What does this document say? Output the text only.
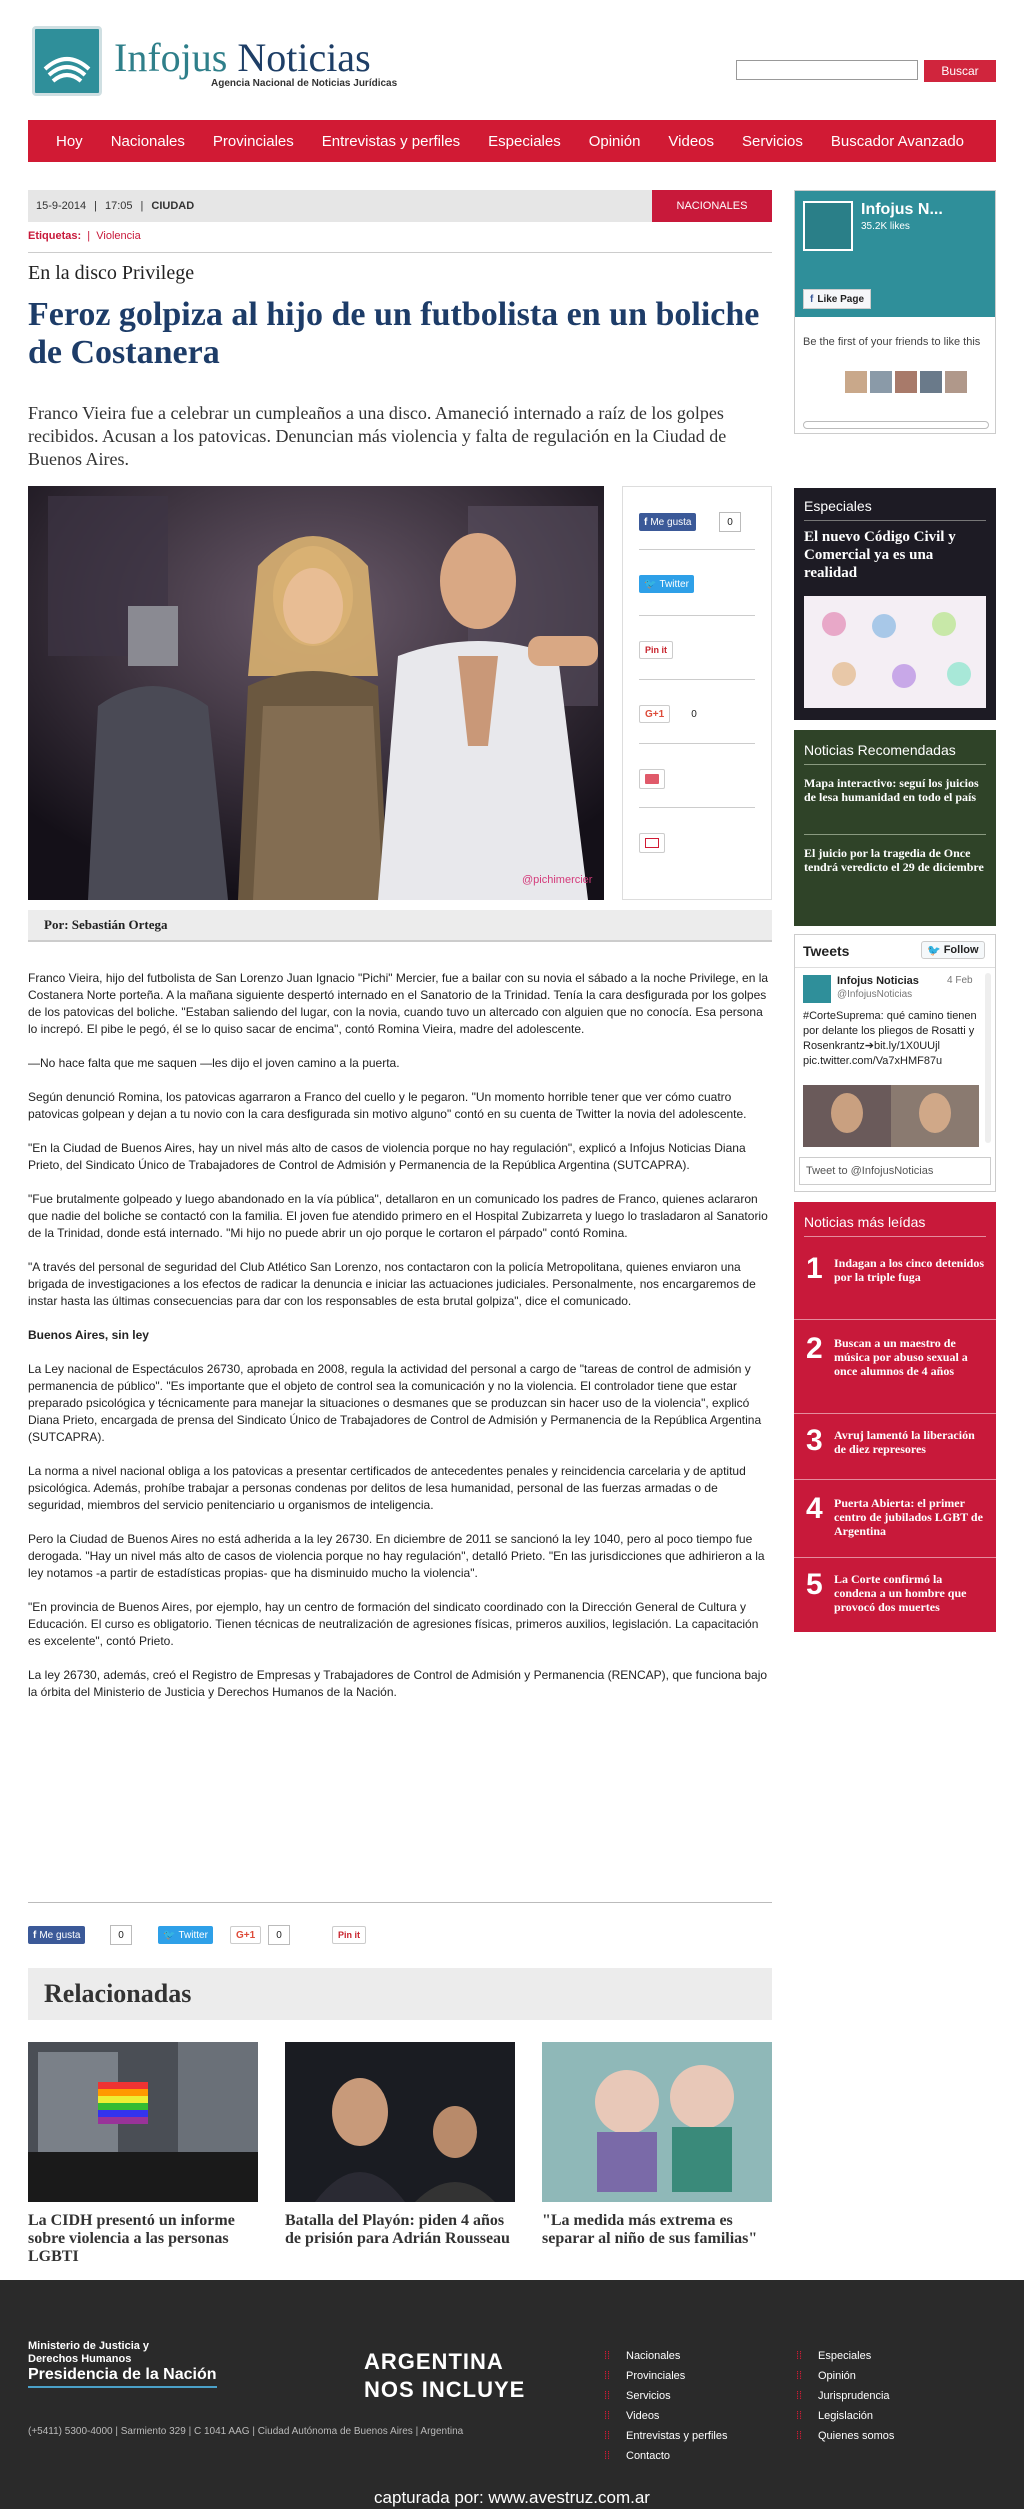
Infojus Noticias
Agencia Nacional de Noticias Jurídicas
Buscar
Hoy	Nacionales	Provinciales	Entrevistas y perfiles	Especiales	Opinión	Videos	Servicios	Buscador Avanzado
15-9-2014 | 17:05 | CIUDAD	NACIONALES
Etiquetas:  |  Violencia
En la disco Privilege
Feroz golpiza al hijo de un futbolista en un boliche de Costanera
Franco Vieira fue a celebrar un cumpleaños a una disco. Amaneció internado a raíz de los golpes recibidos. Acusan a los patovicas. Denuncian más violencia y falta de regulación en la Ciudad de Buenos Aires.
@pichimercier
f Me gusta	0
🐦 Twitter
Pin it
G+1	0
Por: Sebastián Ortega

Franco Vieira, hijo del futbolista de San Lorenzo Juan Ignacio "Pichi" Mercier, fue a bailar con su novia el sábado a la noche Privilege, en la Costanera Norte porteña. A la mañana siguiente despertó internado en el Sanatorio de la Trinidad. Tenía la cara desfigurada por los golpes de los patovicas del boliche. "Estaban saliendo del lugar, con la novia, cuando tuvo un altercado con alguien que no conocía. Esa persona lo increpó. El pibe le pegó, él se lo quiso sacar de encima", contó Romina Vieira, madre del adolescente.

—No hace falta que me saquen —les dijo el joven camino a la puerta.

Según denunció Romina, los patovicas agarraron a Franco del cuello y le pegaron. "Un momento horrible tener que ver cómo cuatro patovicas golpean y dejan a tu novio con la cara desfigurada sin motivo alguno" contó en su cuenta de Twitter la novia del adolescente.

"En la Ciudad de Buenos Aires, hay un nivel más alto de casos de violencia porque no hay regulación", explicó a Infojus Noticias Diana Prieto, del Sindicato Único de Trabajadores de Control de Admisión y Permanencia de la República Argentina (SUTCAPRA).

"Fue brutalmente golpeado y luego abandonado en la vía pública", detallaron en un comunicado los padres de Franco, quienes aclararon que nadie del boliche se contactó con la familia. El joven fue atendido primero en el Hospital Zubizarreta y luego lo trasladaron al Sanatorio de la Trinidad, donde está internado. "Mi hijo no puede abrir un ojo porque le cortaron el párpado" contó Romina.

"A través del personal de seguridad del Club Atlético San Lorenzo, nos contactaron con la policía Metropolitana, quienes enviaron una brigada de investigaciones a los efectos de radicar la denuncia e iniciar las actuaciones judiciales. Personalmente, nos encargaremos de instar hasta las últimas consecuencias para dar con los responsables de esta brutal golpiza", dice el comunicado.

Buenos Aires, sin ley

La Ley nacional de Espectáculos 26730, aprobada en 2008, regula la actividad del personal a cargo de "tareas de control de admisión y permanencia de público". "Es importante que el objeto de control sea la comunicación y no la violencia. El controlador tiene que estar preparado psicológica y técnicamente para manejar la situaciones o desmanes que se produzcan sin hacer uso de la violencia", explicó Diana Prieto, encargada de prensa del Sindicato Único de Trabajadores de Control de Admisión y Permanencia de la República Argentina (SUTCAPRA).

La norma a nivel nacional obliga a los patovicas a presentar certificados de antecedentes penales y reincidencia carcelaria y de aptitud psicológica. Además, prohíbe trabajar a personas condenas por delitos de lesa humanidad, personal de las fuerzas armadas o de seguridad, miembros del servicio penitenciario u organismos de inteligencia.

Pero la Ciudad de Buenos Aires no está adherida a la ley 26730. En diciembre de 2011 se sancionó la ley 1040, pero al poco tiempo fue derogada. "Hay un nivel más alto de casos de violencia porque no hay regulación", detalló Prieto. "En las jurisdicciones que adhirieron a la ley notamos -a partir de estadísticas propias- que ha disminuido mucho la violencia".

"En provincia de Buenos Aires, por ejemplo, hay un centro de formación del sindicato coordinado con la Dirección General de Cultura y Educación. El curso es obligatorio. Tienen técnicas de neutralización de agresiones físicas, primeros auxilios, legislación. La capacitación es excelente", contó Prieto.

La ley 26730, además, creó el Registro de Empresas y Trabajadores de Control de Admisión y Permanencia (RENCAP), que funciona bajo la órbita del Ministerio de Justicia y Derechos Humanos de la Nación.

f Me gusta	0	🐦 Twitter	G+1	0	Pin it
Relacionadas
La CIDH presentó un informe sobre violencia a las personas LGBTI
Batalla del Playón: piden 4 años de prisión para Adrián Rousseau
"La medida más extrema es separar al niño de sus familias"
Infojus N...
35.2K likes
f Like Page
Be the first of your friends to like this
Especiales
El nuevo Código Civil y Comercial ya es una realidad
Noticias Recomendadas
Mapa interactivo: seguí los juicios de lesa humanidad en todo el país
El juicio por la tragedia de Once tendrá veredicto el 29 de diciembre
Tweets	🐦 Follow
Infojus Noticias
@InfojusNoticias
4 Feb
#CorteSuprema: qué camino tienen por delante los pliegos de Rosatti y Rosenkrantz➔bit.ly/1X0UUjl pic.twitter.com/Va7xHMF87u
Tweet to @InfojusNoticias
Noticias más leídas
1 Indagan a los cinco detenidos por la triple fuga
2 Buscan a un maestro de música por abuso sexual a once alumnos de 4 años
3 Avruj lamentó la liberación de diez represores
4 Puerta Abierta: el primer centro de jubilados LGBT de Argentina
5 La Corte confirmó la condena a un hombre que provocó dos muertes
Ministerio de Justicia y Derechos Humanos
Presidencia de la Nación
(+5411) 5300-4000 | Sarmiento 329 | C 1041 AAG | Ciudad Autónoma de Buenos Aires | Argentina
ARGENTINA
NOS INCLUYE
⁞⁞ Nacionales
⁞⁞ Provinciales
⁞⁞ Servicios
⁞⁞ Videos
⁞⁞ Entrevistas y perfiles
⁞⁞ Contacto
⁞⁞ Especiales
⁞⁞ Opinión
⁞⁞ Jurisprudencia
⁞⁞ Legislación
⁞⁞ Quienes somos
capturada por: www.avestruz.com.ar
